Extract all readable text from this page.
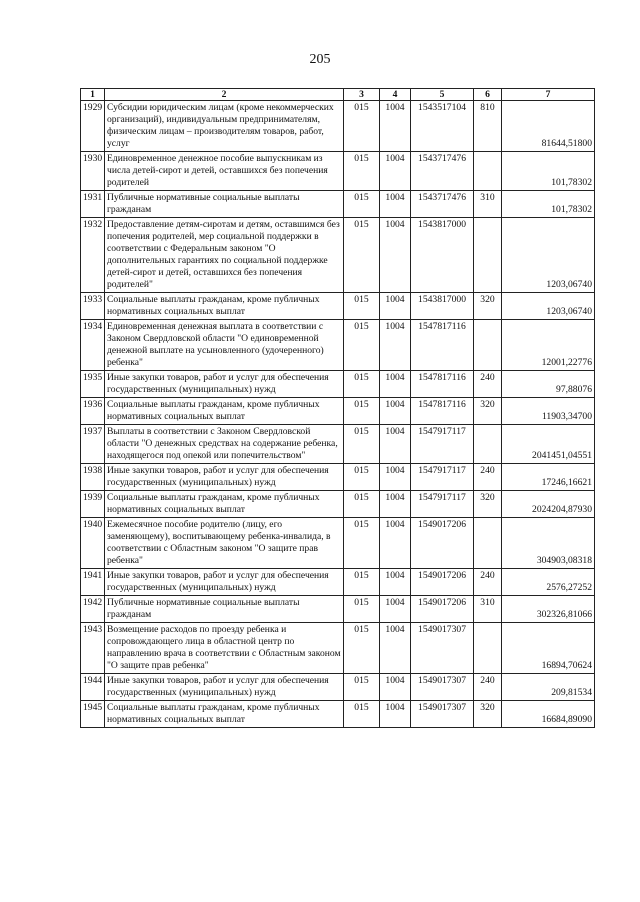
205
1	2	3	4	5	6	7
1929	Субсидии юридическим лицам (кроме некоммерческих организаций), индивидуальным предпринимателям, физическим лицам – производителям товаров, работ, услуг	015	1004	1543517104	810	81644,51800
1930	Единовременное денежное пособие выпускникам из числа детей-сирот и детей, оставшихся без попечения родителей	015	1004	1543717476		101,78302
1931	Публичные нормативные социальные выплаты гражданам	015	1004	1543717476	310	101,78302
1932	Предоставление детям-сиротам и детям, оставшимся без попечения родителей, мер социальной поддержки в соответствии с Федеральным законом "О дополнительных гарантиях по социальной поддержке детей-сирот и детей, оставшихся без попечения родителей"	015	1004	1543817000		1203,06740
1933	Социальные выплаты гражданам, кроме публичных нормативных социальных выплат	015	1004	1543817000	320	1203,06740
1934	Единовременная денежная выплата в соответствии с Законом Свердловской области "О единовременной денежной выплате на усыновленного (удочеренного) ребенка"	015	1004	1547817116		12001,22776
1935	Иные закупки товаров, работ и услуг для обеспечения государственных (муниципальных) нужд	015	1004	1547817116	240	97,88076
1936	Социальные выплаты гражданам, кроме публичных нормативных социальных выплат	015	1004	1547817116	320	11903,34700
1937	Выплаты в соответствии с Законом Свердловской области "О денежных средствах на содержание ребенка, находящегося под опекой или попечительством"	015	1004	1547917117		2041451,04551
1938	Иные закупки товаров, работ и услуг для обеспечения государственных (муниципальных) нужд	015	1004	1547917117	240	17246,16621
1939	Социальные выплаты гражданам, кроме публичных нормативных социальных выплат	015	1004	1547917117	320	2024204,87930
1940	Ежемесячное пособие родителю (лицу, его заменяющему), воспитывающему ребенка-инвалида, в соответствии с Областным законом "О защите прав ребенка"	015	1004	1549017206		304903,08318
1941	Иные закупки товаров, работ и услуг для обеспечения государственных (муниципальных) нужд	015	1004	1549017206	240	2576,27252
1942	Публичные нормативные социальные выплаты гражданам	015	1004	1549017206	310	302326,81066
1943	Возмещение расходов по проезду ребенка и сопровождающего лица в областной центр по направлению врача в соответствии с Областным законом "О защите прав ребенка"	015	1004	1549017307		16894,70624
1944	Иные закупки товаров, работ и услуг для обеспечения государственных (муниципальных) нужд	015	1004	1549017307	240	209,81534
1945	Социальные выплаты гражданам, кроме публичных нормативных социальных выплат	015	1004	1549017307	320	16684,89090
